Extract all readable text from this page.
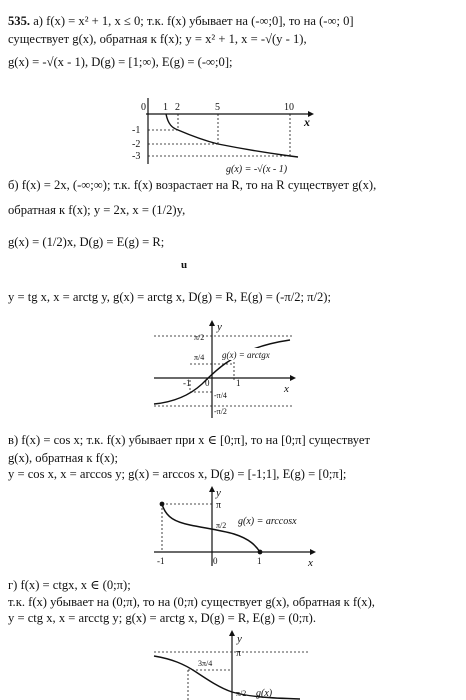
535. а) f(x) = x² + 1, x ≤ 0; т.к. f(x) убывает на (-∞;0], то на (-∞; 0]
существует g(x), обратная к f(x); y = x² + 1, x = -√(y - 1),
g(x) = -√(x - 1), D(g) = [1;∞), E(g) = (-∞;0];
0 1 2	5	10
x
-1
-2
-3
g(x) = -√(x - 1)
б) f(x) = 2x, (-∞;∞); т.к. f(x) возрастает на R, то на R существует g(x),
обратная к f(x); y = 2x, x = (1/2)y,
g(x) = (1/2)x, D(g) = E(g) = R;
u
y = tg x, x = arctg y, g(x) = arctg x, D(g) = R, E(g) = (-π/2; π/2);
y
x
π/2
π/4
-π/4
-π/2
-1 0	1
g(x) = arctgx
в) f(x) = cos x; т.к. f(x) убывает при x ∈ [0;π], то на [0;π] существует
g(x), обратная к f(x);
y = cos x, x = arccos y; g(x) = arccos x, D(g) = [-1;1], E(g) = [0;π];
y
x
π
π/2
-1	0	1
g(x) = arccosx
г) f(x) = ctgx, x ∈ (0;π);
т.к. f(x) убывает на (0;π), то на (0;π) существует g(x), обратная к f(x),
y = ctg x, x = arcctg y; g(x) = arctg x, D(g) = R, E(g) = (0;π).
y
π
3π/4
π/2 g(x)
